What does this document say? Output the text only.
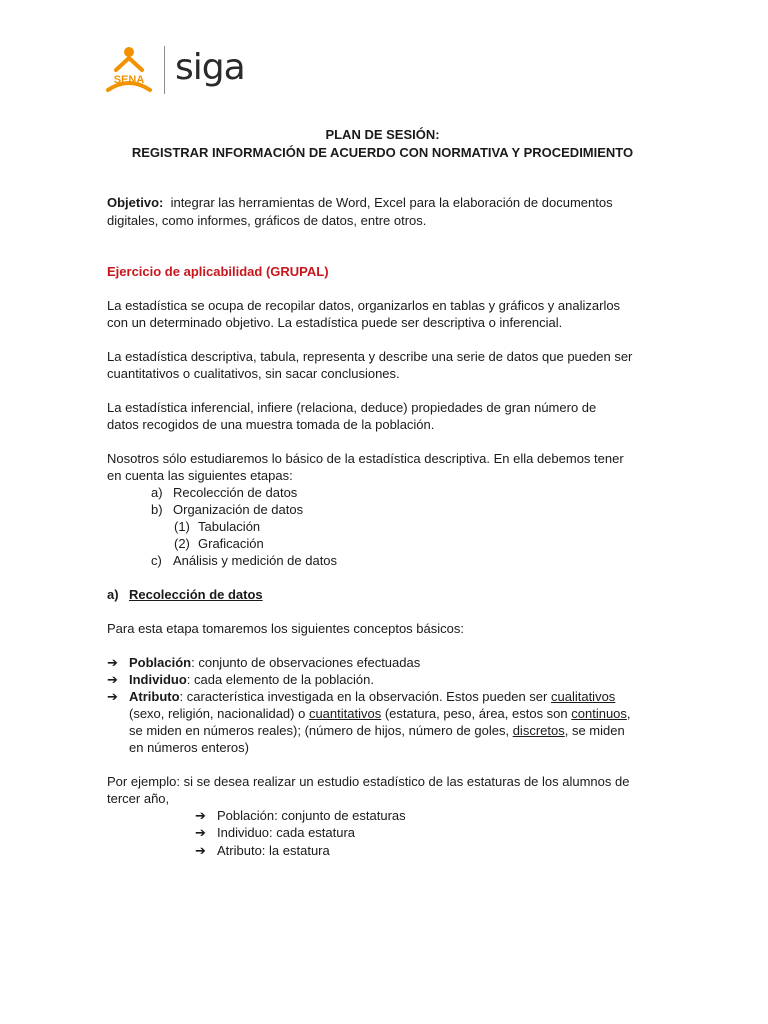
SENA siga
PLAN DE SESIÓN:
REGISTRAR INFORMACIÓN DE ACUERDO CON NORMATIVA Y PROCEDIMIENTO
Objetivo: integrar las herramientas de Word, Excel para la elaboración de documentos
digitales, como informes, gráficos de datos, entre otros.
Ejercicio de aplicabilidad (GRUPAL)
La estadística se ocupa de recopilar datos, organizarlos en tablas y gráficos y analizarlos
con un determinado objetivo. La estadística puede ser descriptiva o inferencial.
La estadística descriptiva, tabula, representa y describe una serie de datos que pueden ser
cuantitativos o cualitativos, sin sacar conclusiones.
La estadística inferencial, infiere (relaciona, deduce) propiedades de gran número de
datos recogidos de una muestra tomada de la población.
Nosotros sólo estudiaremos lo básico de la estadística descriptiva. En ella debemos tener
en cuenta las siguientes etapas:
a) Recolección de datos
b) Organización de datos
(1) Tabulación
(2) Graficación
c) Análisis y medición de datos
a) Recolección de datos
Para esta etapa tomaremos los siguientes conceptos básicos:
➔ Población: conjunto de observaciones efectuadas
➔ Individuo: cada elemento de la población.
➔ Atributo: característica investigada en la observación. Estos pueden ser cualitativos
(sexo, religión, nacionalidad) o cuantitativos (estatura, peso, área, estos son continuos,
se miden en números reales); (número de hijos, número de goles, discretos, se miden
en números enteros)
Por ejemplo: si se desea realizar un estudio estadístico de las estaturas de los alumnos de
tercer año,
➔ Población: conjunto de estaturas
➔ Individuo: cada estatura
➔ Atributo: la estatura
